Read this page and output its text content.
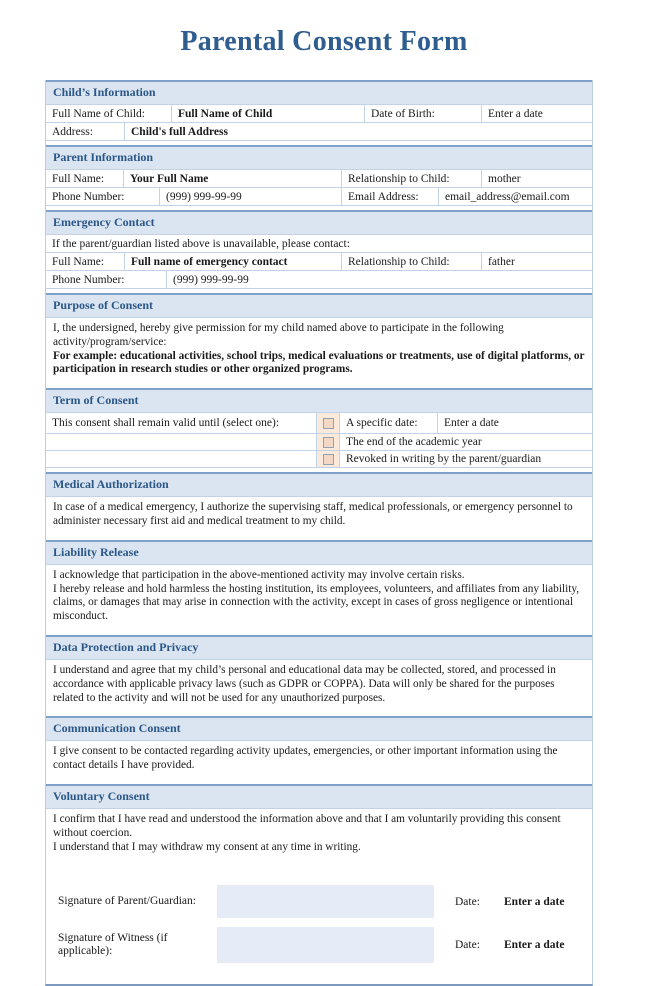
Parental Consent Form
Child’s Information
Full Name of Child:	Full Name of Child	Date of Birth:	Enter a date
Address:	Child's full Address
Parent Information
Full Name:	Your Full Name	Relationship to Child:	mother
Phone Number:	(999) 999-99-99	Email Address:	email_address@email.com
Emergency Contact
If the parent/guardian listed above is unavailable, please contact:
Full Name:	Full name of emergency contact	Relationship to Child:	father
Phone Number:	(999) 999-99-99
Purpose of Consent
I, the undersigned, hereby give permission for my child named above to participate in the following activity/program/service:
For example: educational activities, school trips, medical evaluations or treatments, use of digital platforms, or participation in research studies or other organized programs.
Term of Consent
This consent shall remain valid until (select one):	A specific date:	Enter a date
The end of the academic year
Revoked in writing by the parent/guardian
Medical Authorization
In case of a medical emergency, I authorize the supervising staff, medical professionals, or emergency personnel to administer necessary first aid and medical treatment to my child.
Liability Release
I acknowledge that participation in the above-mentioned activity may involve certain risks.
I hereby release and hold harmless the hosting institution, its employees, volunteers, and affiliates from any liability, claims, or damages that may arise in connection with the activity, except in cases of gross negligence or intentional misconduct.
Data Protection and Privacy
I understand and agree that my child’s personal and educational data may be collected, stored, and processed in accordance with applicable privacy laws (such as GDPR or COPPA). Data will only be shared for the purposes related to the activity and will not be used for any unauthorized purposes.
Communication Consent
I give consent to be contacted regarding activity updates, emergencies, or other important information using the contact details I have provided.
Voluntary Consent
I confirm that I have read and understood the information above and that I am voluntarily providing this consent without coercion.
I understand that I may withdraw my consent at any time in writing.
Signature of Parent/Guardian:	Date:	Enter a date
Signature of Witness (if applicable):	Date:	Enter a date
